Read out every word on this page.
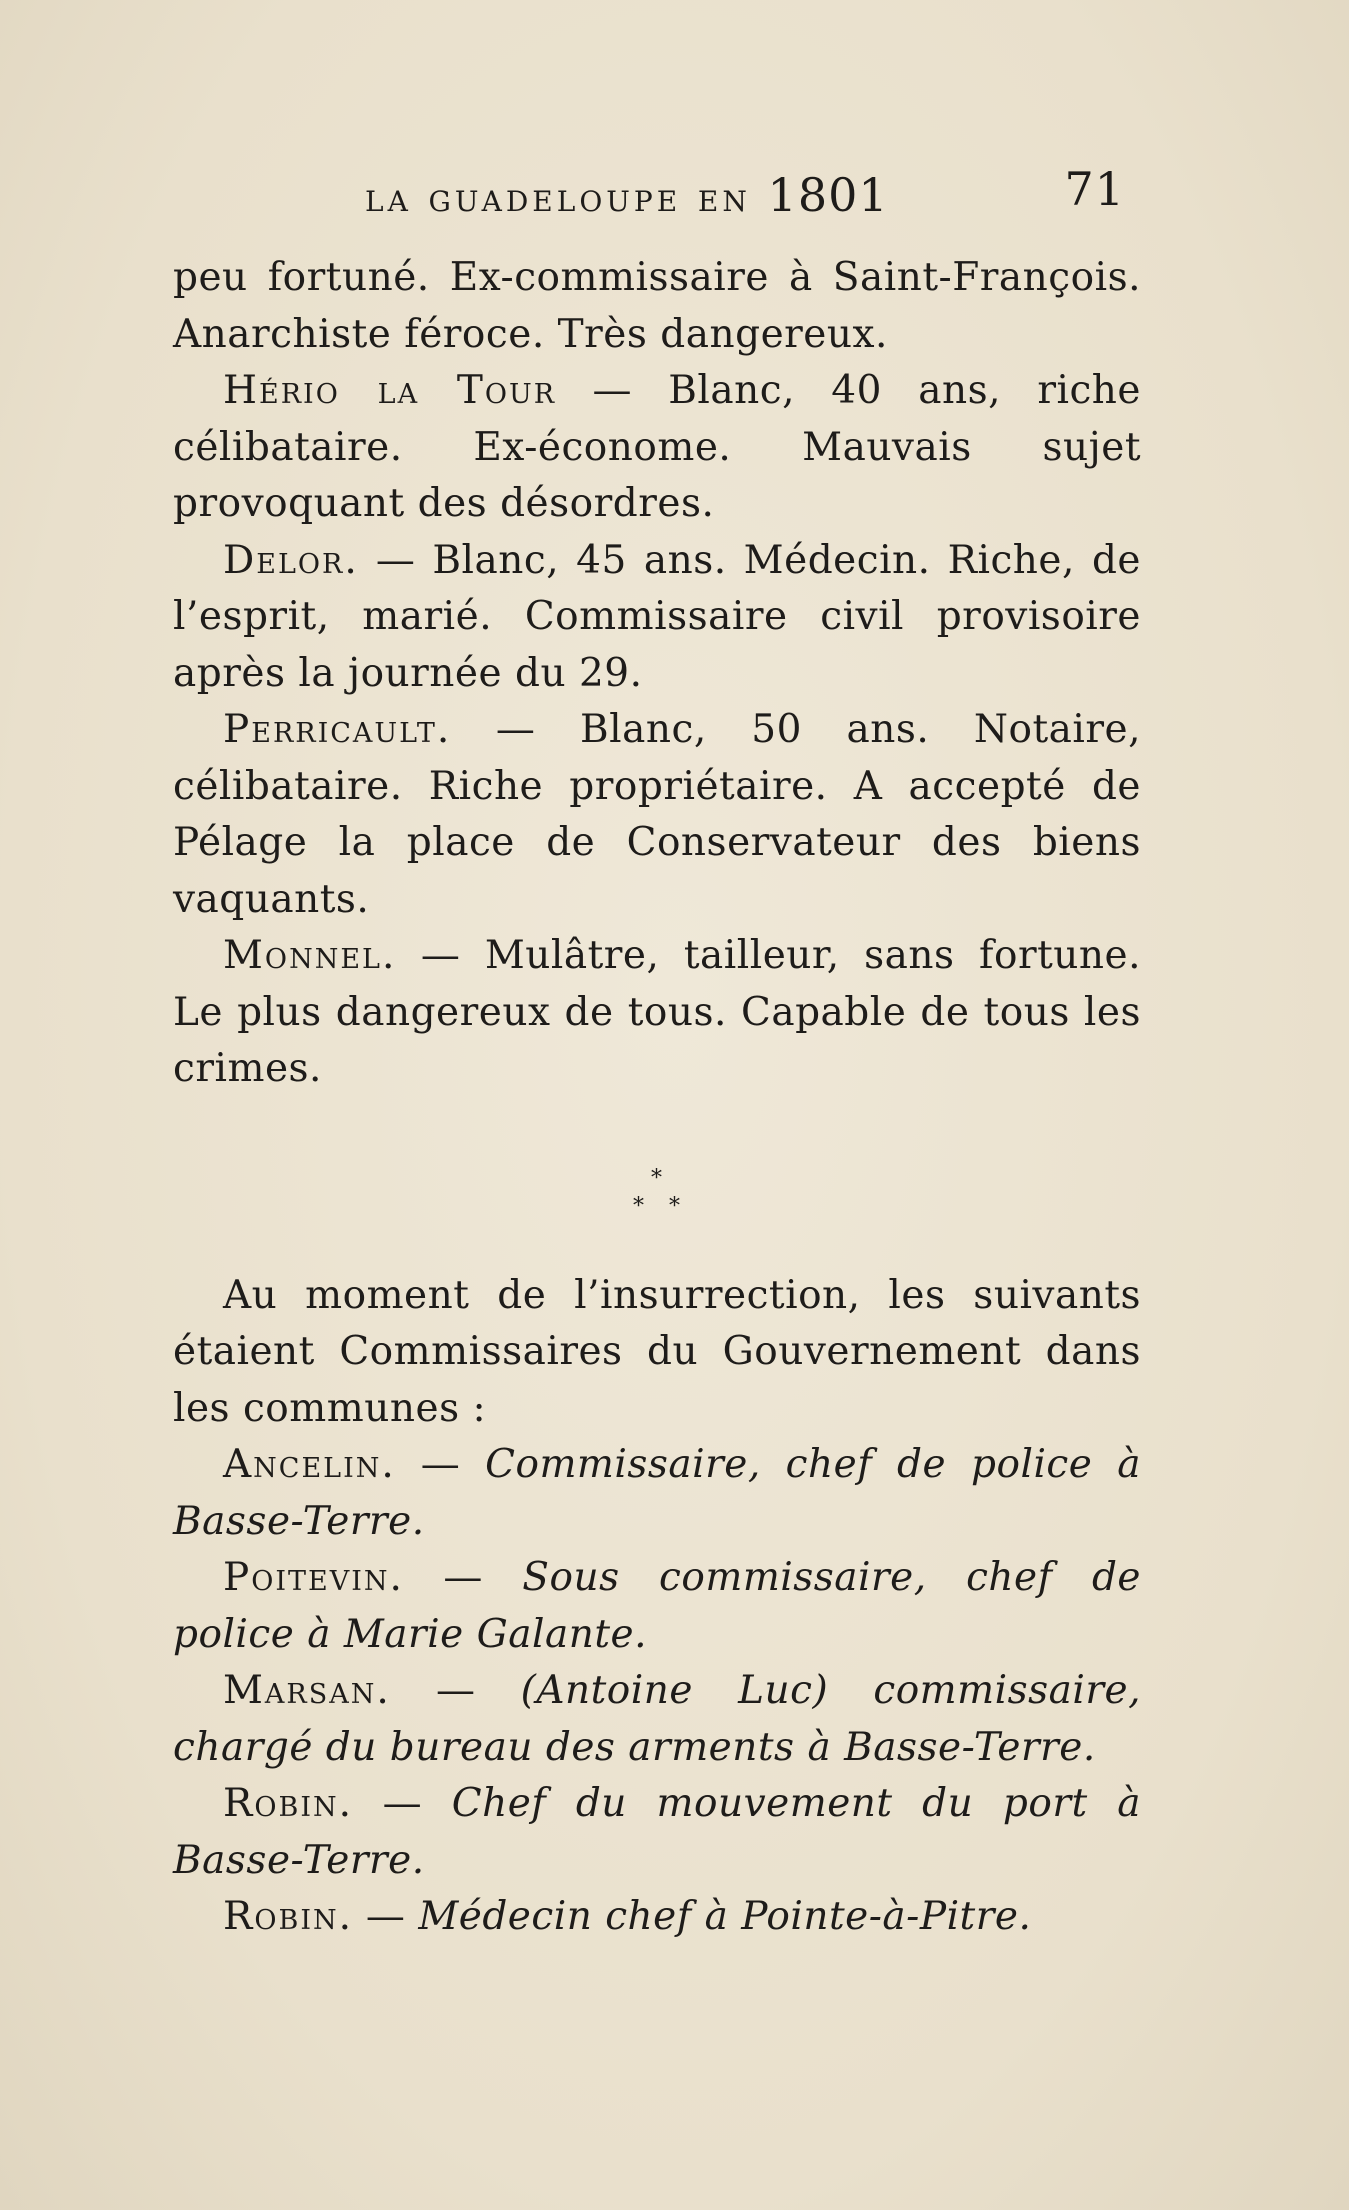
la guadeloupe en 1801	71

peu fortuné. Ex-commissaire à Saint-François. Anarchiste féroce. Très dangereux.

Hério la Tour — Blanc, 40 ans, riche célibataire. Ex-économe. Mauvais sujet provoquant des désordres.

Delor. — Blanc, 45 ans. Médecin. Riche, de l’esprit, marié. Commissaire civil provisoire après la journée du 29.

Perricault. — Blanc, 50 ans. Notaire, célibataire. Riche propriétaire. A accepté de Pélage la place de Conservateur des biens vaquants.

Monnel. — Mulâtre, tailleur, sans fortune. Le plus dangereux de tous. Capable de tous les crimes.

*
* *

Au moment de l’insurrection, les suivants étaient Commissaires du Gouvernement dans les communes :

Ancelin. — Commissaire, chef de police à Basse-Terre.

Poitevin. — Sous commissaire, chef de police à Marie Galante.

Marsan. — (Antoine Luc) commissaire, chargé du bureau des arments à Basse-Terre.

Robin. — Chef du mouvement du port à Basse-Terre.

Robin. — Médecin chef à Pointe-à-Pitre.
